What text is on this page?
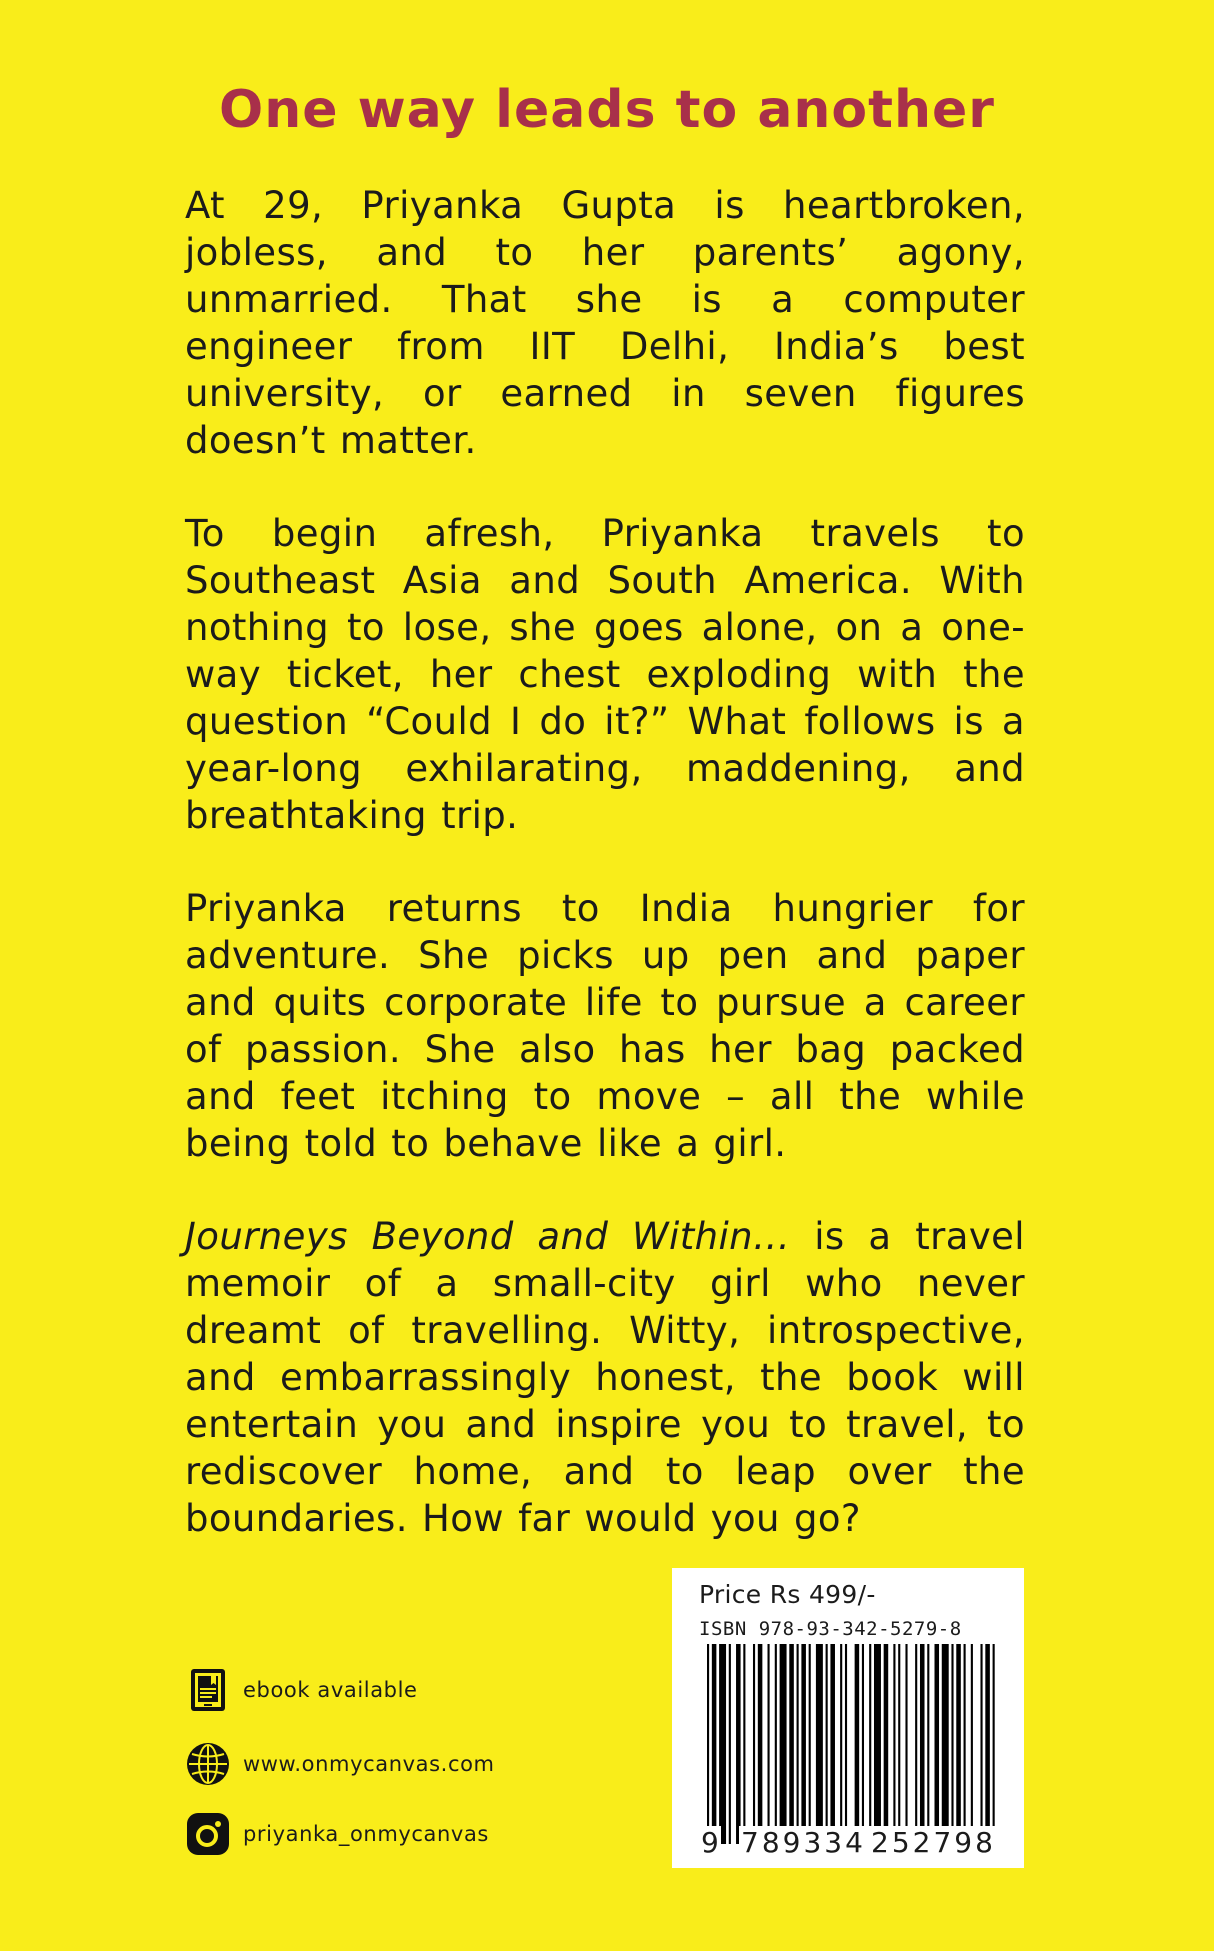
One way leads to another

At 29, Priyanka Gupta is heartbroken, jobless, and to her parents’ agony, unmarried. That she is a computer engineer from IIT Delhi, India’s best university, or earned in seven figures doesn’t matter.

To begin afresh, Priyanka travels to Southeast Asia and South America. With nothing to lose, she goes alone, on a one-way ticket, her chest exploding with the question “Could I do it?” What follows is a year-long exhilarating, maddening, and breathtaking trip.

Priyanka returns to India hungrier for adventure. She picks up pen and paper and quits corporate life to pursue a career of passion. She also has her bag packed and feet itching to move – all the while being told to behave like a girl.

Journeys Beyond and Within… is a travel memoir of a small-city girl who never dreamt of travelling. Witty, introspective, and embarrassingly honest, the book will entertain you and inspire you to travel, to rediscover home, and to leap over the boundaries. How far would you go?

ebook available
www.onmycanvas.com
priyanka_onmycanvas
Price Rs 499/-
ISBN 978-93-342-5279-8
9 789334 252798
